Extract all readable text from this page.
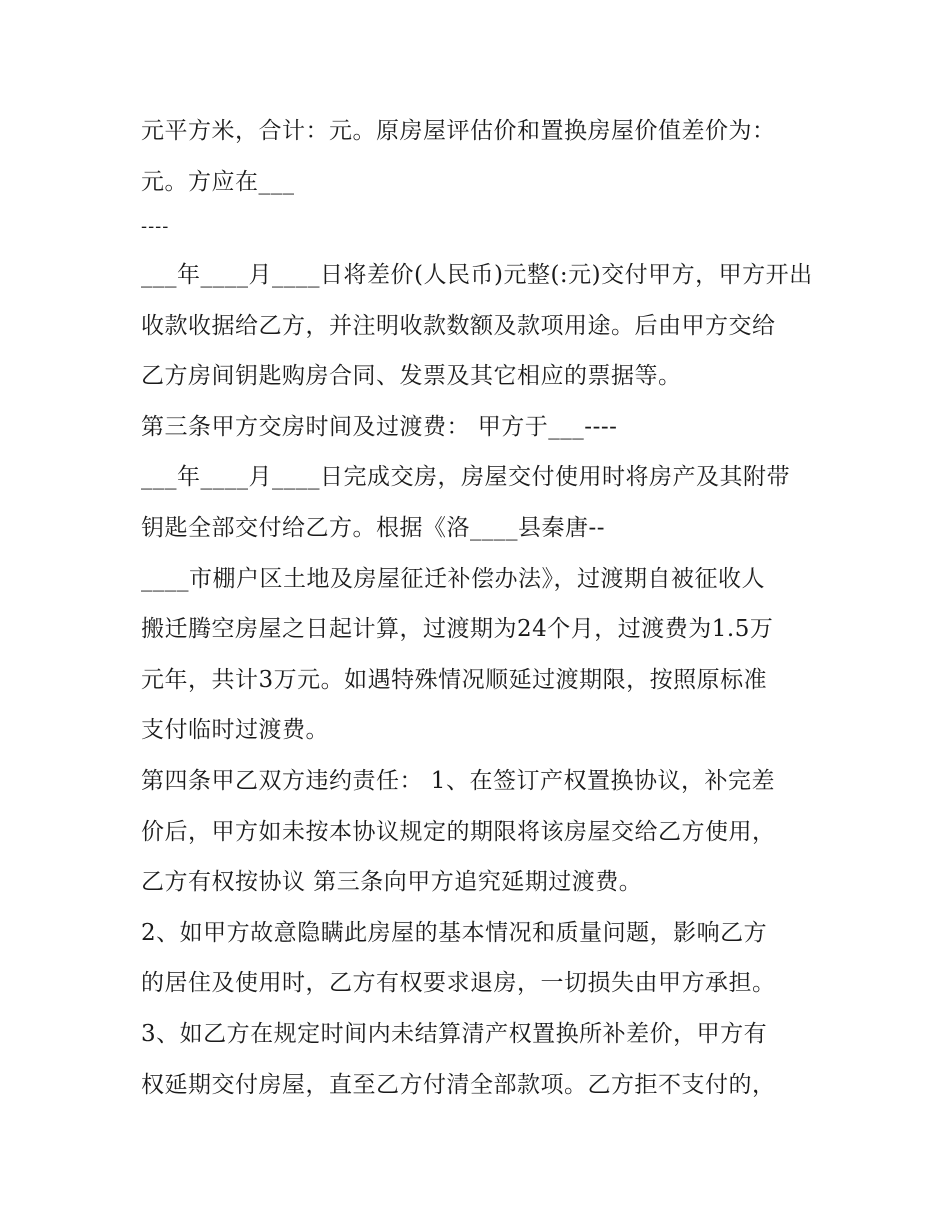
元平方米，合计：元。原房屋评估价和置换房屋价值差价为：
元。方应在___
----
___年____月____日将差价(人民币)元整(:元)交付甲方，甲方开出
收款收据给乙方，并注明收款数额及款项用途。后由甲方交给
乙方房间钥匙购房合同、发票及其它相应的票据等。
第三条甲方交房时间及过渡费： 甲方于___----
___年____月____日完成交房，房屋交付使用时将房产及其附带
钥匙全部交付给乙方。根据《洛____县秦唐--
____市棚户区土地及房屋征迁补偿办法》，过渡期自被征收人
搬迁腾空房屋之日起计算，过渡期为24个月，过渡费为1.5万
元年，共计3万元。如遇特殊情况顺延过渡期限，按照原标准
支付临时过渡费。
第四条甲乙双方违约责任： 1、在签订产权置换协议，补完差
价后，甲方如未按本协议规定的期限将该房屋交给乙方使用，
乙方有权按协议 第三条向甲方追究延期过渡费。
2、如甲方故意隐瞒此房屋的基本情况和质量问题，影响乙方
的居住及使用时，乙方有权要求退房，一切损失由甲方承担。
3、如乙方在规定时间内未结算清产权置换所补差价，甲方有
权延期交付房屋，直至乙方付清全部款项。乙方拒不支付的，
